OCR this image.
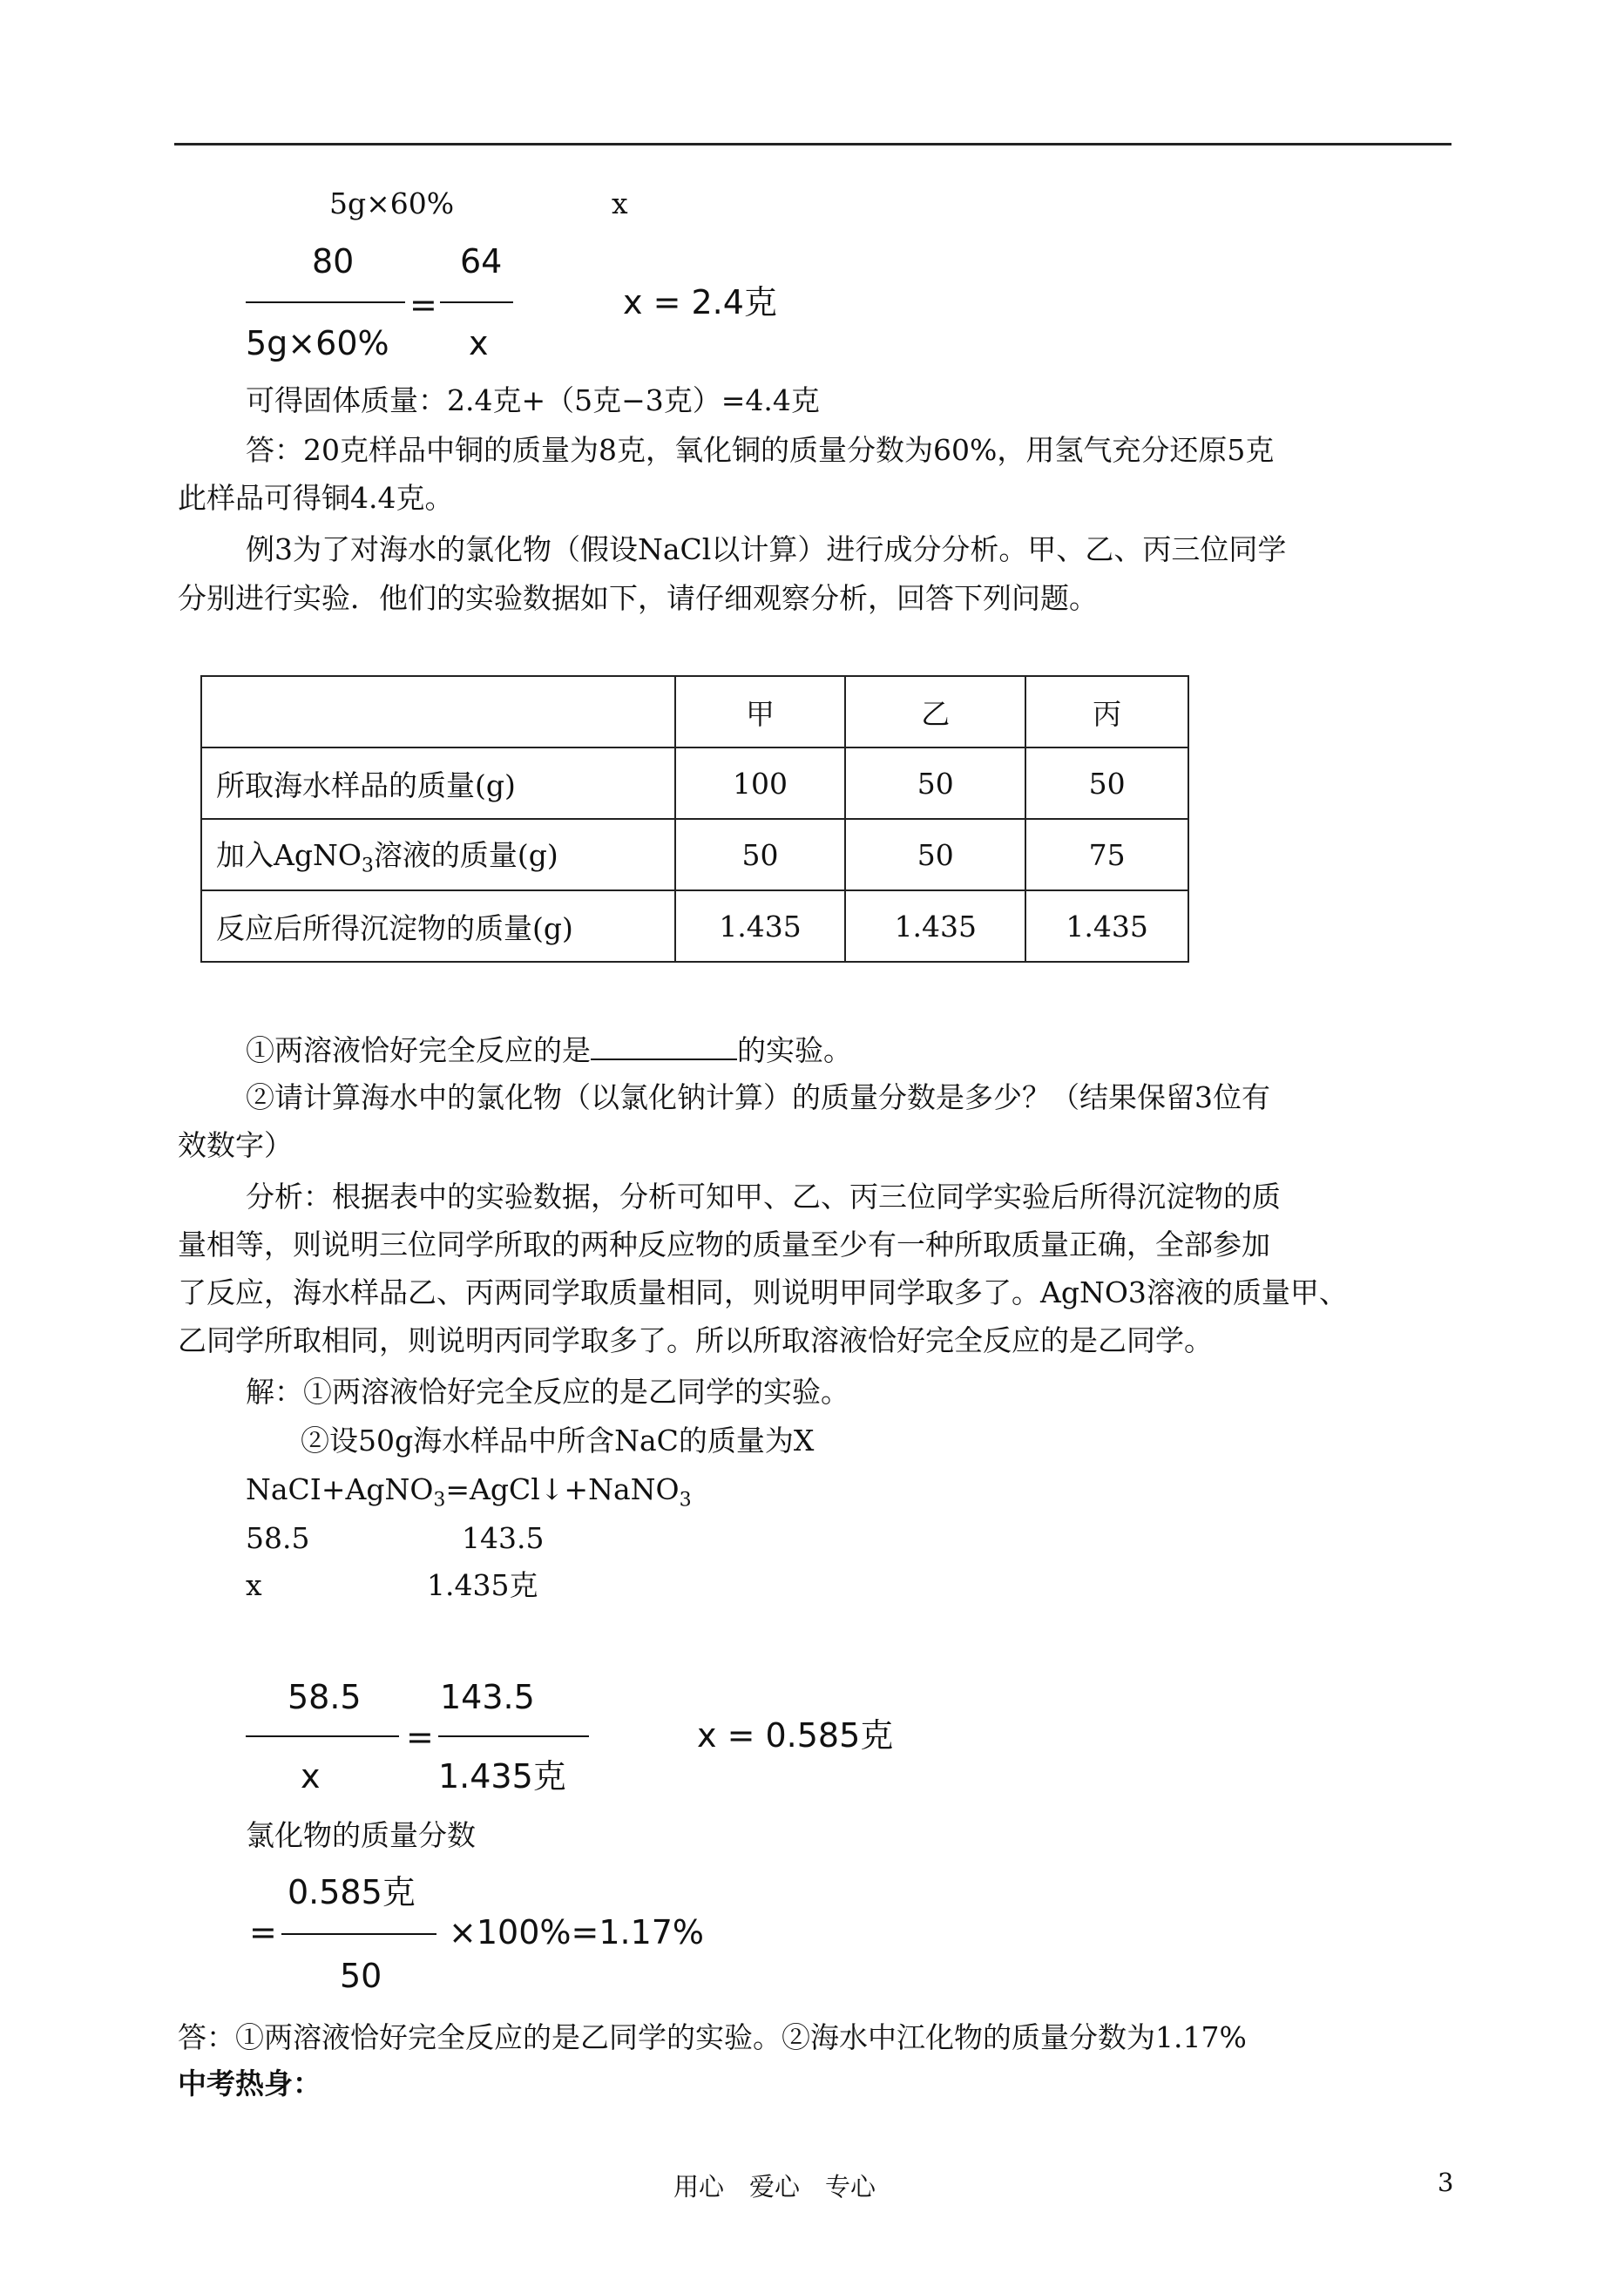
5g×60%	x
80
5g×60%
=
64
x
x = 2.4克
可得固体质量：2.4克+（5克−3克）=4.4克
答：20克样品中铜的质量为8克，氧化铜的质量分数为60%，用氢气充分还原5克
此样品可得铜4.4克。
例3为了对海水的氯化物（假设NaCl以计算）进行成分分析。甲、乙、丙三位同学
分别进行实验．他们的实验数据如下，请仔细观察分析，回答下列问题。
	甲	乙	丙
所取海水样品的质量(g)	100	50	50
加入AgNO$_3$溶液的质量(g)	50	50	75
反应后所得沉淀物的质量(g)	1.435	1.435	1.435
①两溶液恰好完全反应的是	的实验。
②请计算海水中的氯化物（以氯化钠计算）的质量分数是多少？（结果保留3位有
效数字）
分析：根据表中的实验数据，分析可知甲、乙、丙三位同学实验后所得沉淀物的质
量相等，则说明三位同学所取的两种反应物的质量至少有一种所取质量正确，全部参加
了反应，海水样品乙、丙两同学取质量相同，则说明甲同学取多了。AgNO3溶液的质量甲、
乙同学所取相同，则说明丙同学取多了。所以所取溶液恰好完全反应的是乙同学。
解：①两溶液恰好完全反应的是乙同学的实验。
②设50g海水样品中所含NaC的质量为X
NaCI+AgNO$_3$=AgCl↓+NaNO$_3$
58.5	143.5
x	1.435克
58.5
x
=
143.5
1.435克
x = 0.585克
氯化物的质量分数
=
0.585克
50
×100%=1.17%
答：①两溶液恰好完全反应的是乙同学的实验。②海水中江化物的质量分数为1.17%
中考热身：
用心　爱心　专心	3
